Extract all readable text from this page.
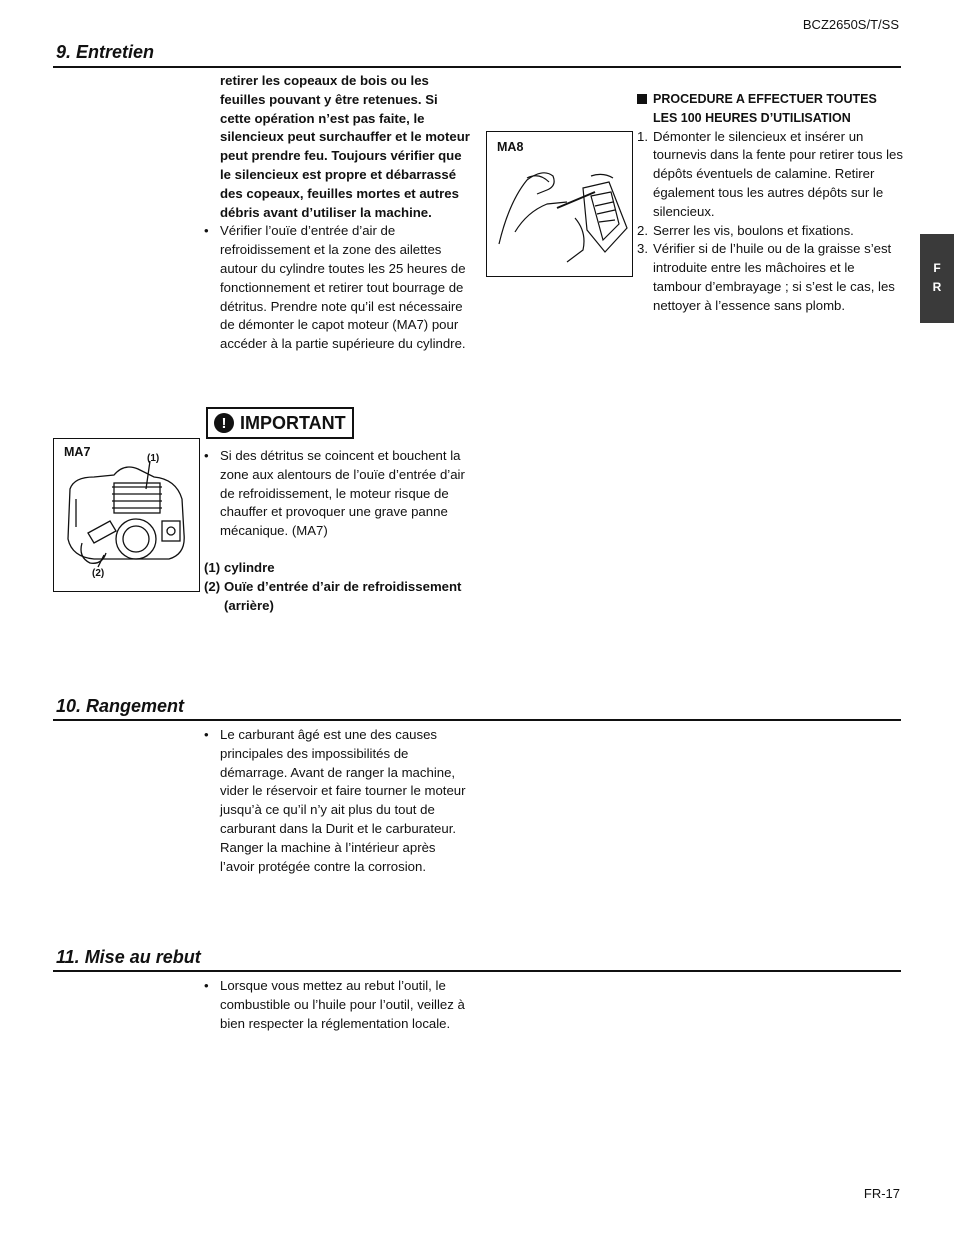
BCZ2650S/T/SS
F
R
9. Entretien

retirer les copeaux de bois ou les feuilles pouvant y être retenues. Si cette opération n’est pas faite, le silencieux peut surchauffer et le moteur peut prendre feu. Toujours vérifier que le silencieux est propre et débarrassé des copeaux, feuilles mortes et autres débris avant d’utiliser la machine.

• Vérifier l’ouïe d’entrée d’air de refroidissement et la zone des ailettes autour du cylindre toutes les 25 heures de fonctionnement et retirer tout bourrage de détritus. Prendre note qu’il est nécessaire de démonter le capot moteur (MA7) pour accéder à la partie supérieure du cylindre.

! IMPORTANT

• Si des détritus se coincent et bouchent la zone aux alentours de l’ouïe d’entrée d’air de refroidissement, le moteur risque de chauffer et provoquer une grave panne mécanique. (MA7)

(1) cylindre
(2) Ouïe d’entrée d’air de refroidissement (arrière)
MA7	(1)
(2)
MA8
PROCEDURE A EFFECTUER TOUTES
LES 100 HEURES D’UTILISATION
1. Démonter le silencieux et insérer un tournevis dans la fente pour retirer tous les dépôts éventuels de calamine. Retirer également tous les autres dépôts sur le silencieux.
2. Serrer les vis, boulons et fixations.
3. Vérifier si de l’huile ou de la graisse s’est introduite entre les mâchoires et le tambour d’embrayage ; si s’est le cas, les nettoyer à l’essence sans plomb.
10. Rangement

• Le carburant âgé est une des causes principales des impossibilités de démarrage. Avant de ranger la machine, vider le réservoir et faire tourner le moteur jusqu’à ce qu’il n’y ait plus du tout de carburant dans la Durit et le carburateur. Ranger la machine à l’intérieur après l’avoir protégée contre la corrosion.

11. Mise au rebut

• Lorsque vous mettez au rebut l’outil, le combustible ou l’huile pour l’outil, veillez à bien respecter la réglementation locale.

FR-17
